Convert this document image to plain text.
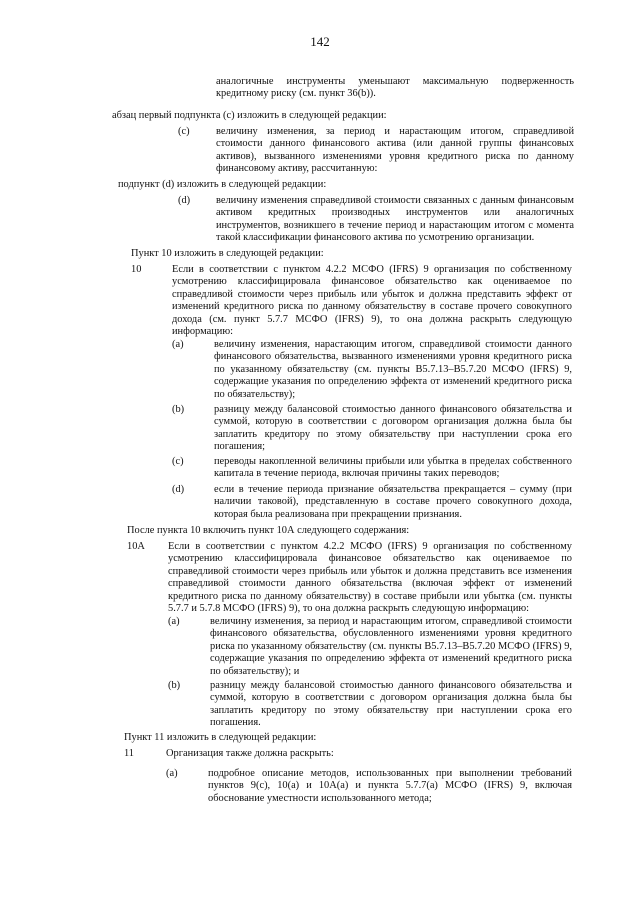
142

аналогичные инструменты уменьшают максимальную подверженность кредитному риску (см. пункт 36(b)).

абзац первый подпункта (с) изложить в следующей редакции:

(с)	величину изменения, за период и нарастающим итогом, справедливой стоимости данного финансового актива (или данной группы финансовых активов), вызванного изменениями уровня кредитного риска по данному финансовому активу, рассчитанную:

подпункт (d) изложить в следующей редакции:

(d) величину изменения справедливой стоимости связанных с данным финансовым активом кредитных производных инструментов или аналогичных инструментов, возникшего в течение период и нарастающим итогом с момента такой классификации финансового актива по усмотрению организации.

Пункт 10 изложить в следующей редакции:

10	Если в соответствии с пунктом 4.2.2 МСФО (IFRS) 9 организация по собственному усмотрению классифицировала финансовое обязательство как оцениваемое по справедливой стоимости через прибыль или убыток и должна представить эффект от изменений кредитного риска по данному обязательству в составе прочего совокупного дохода (см. пункт 5.7.7 МСФО (IFRS) 9), то она должна раскрыть следующую информацию:

(a)	величину изменения, нарастающим итогом, справедливой стоимости данного финансового обязательства, вызванного изменениями уровня кредитного риска по указанному обязательству (см. пункты В5.7.13–В5.7.20 МСФО (IFRS) 9, содержащие указания по определению эффекта от изменений кредитного риска по обязательству);

(b)	разницу между балансовой стоимостью данного финансового обязательства и суммой, которую в соответствии с договором организация должна была бы заплатить кредитору по этому обязательству при наступлении срока его погашения;

(c)	переводы накопленной величины прибыли или убытка в пределах собственного капитала в течение периода, включая причины таких переводов;

(d)	если в течение периода признание обязательства прекращается – сумму (при наличии таковой), представленную в составе прочего совокупного дохода, которая была реализована при прекращении признания.

После пункта 10 включить пункт 10А следующего содержания:

10А Если в соответствии с пунктом 4.2.2 МСФО (IFRS) 9 организация по собственному усмотрению классифицировала финансовое обязательство как оцениваемое по справедливой стоимости через прибыль или убыток и должна представить все изменения справедливой стоимости данного обязательства (включая эффект от изменений кредитного риска по данному обязательству) в составе прибыли или убытка (см. пункты 5.7.7 и 5.7.8 МСФО (IFRS) 9), то она должна раскрыть следующую информацию:

(a)	величину изменения, за период и нарастающим итогом, справедливой стоимости финансового обязательства, обусловленного изменениями уровня кредитного риска по указанному обязательству (см. пункты В5.7.13–В5.7.20 МСФО (IFRS) 9, содержащие указания по определению эффекта от изменений кредитного риска по обязательству); и

(b)	разницу между балансовой стоимостью данного финансового обязательства и суммой, которую в соответствии с договором организация должна была бы заплатить кредитору по этому обязательству при наступлении срока его погашения.

Пункт 11 изложить в следующей редакции:

11	Организация также должна раскрыть:

(a)	подробное описание методов, использованных при выполнении требований пунктов 9(с), 10(а) и 10А(а) и пункта 5.7.7(а) МСФО (IFRS) 9, включая обоснование уместности использованного метода;
